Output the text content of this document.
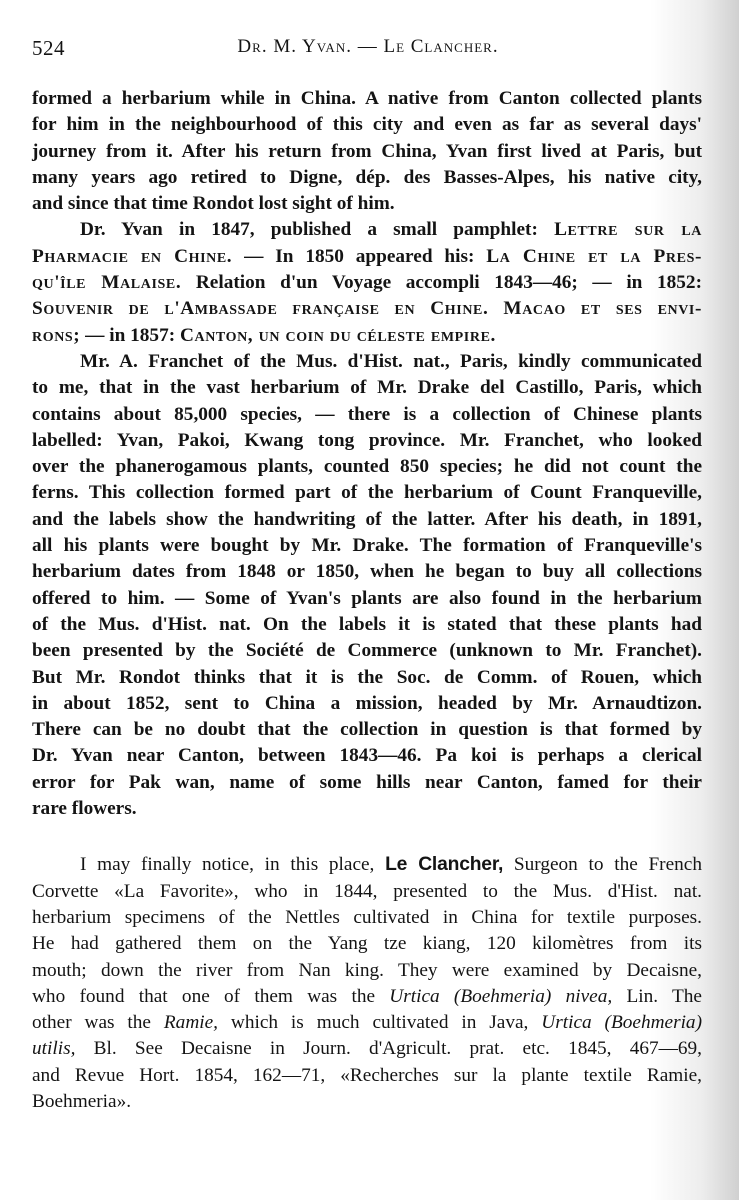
524	Dr. M. Yvan. — Le Clancher.

formed a herbarium while in China. A native from Canton collected plants
for him in the neighbourhood of this city and even as far as several days'
journey from it. After his return from China, Yvan first lived at Paris, but
many years ago retired to Digne, dép. des Basses-Alpes, his native city,
and since that time Rondot lost sight of him.

Dr. Yvan in 1847, published a small pamphlet: Lettre sur la
Pharmacie en Chine. — In 1850 appeared his: La Chine et la Pres-
qu'île Malaise. Relation d'un Voyage accompli 1843—46; — in 1852:
Souvenir de l'Ambassade française en Chine. Macao et ses envi-
rons; — in 1857: Canton, un coin du céleste empire.

Mr. A. Franchet of the Mus. d'Hist. nat., Paris, kindly communicated
to me, that in the vast herbarium of Mr. Drake del Castillo, Paris, which
contains about 85,000 species, — there is a collection of Chinese plants
labelled: Yvan, Pakoi, Kwang tong province. Mr. Franchet, who looked
over the phanerogamous plants, counted 850 species; he did not count the
ferns. This collection formed part of the herbarium of Count Franqueville,
and the labels show the handwriting of the latter. After his death, in 1891,
all his plants were bought by Mr. Drake. The formation of Franqueville's
herbarium dates from 1848 or 1850, when he began to buy all collections
offered to him. — Some of Yvan's plants are also found in the herbarium
of the Mus. d'Hist. nat. On the labels it is stated that these plants had
been presented by the Société de Commerce (unknown to Mr. Franchet).
But Mr. Rondot thinks that it is the Soc. de Comm. of Rouen, which
in about 1852, sent to China a mission, headed by Mr. Arnaudtizon.
There can be no doubt that the collection in question is that formed by
Dr. Yvan near Canton, between 1843—46. Pa koi is perhaps a clerical
error for Pak wan, name of some hills near Canton, famed for their
rare flowers.

I may finally notice, in this place, Le Clancher, Surgeon to the French
Corvette «La Favorite», who in 1844, presented to the Mus. d'Hist. nat.
herbarium specimens of the Nettles cultivated in China for textile purposes.
He had gathered them on the Yang tze kiang, 120 kilomètres from its
mouth; down the river from Nan king. They were examined by Decaisne,
who found that one of them was the Urtica (Boehmeria) nivea, Lin. The
other was the Ramie, which is much cultivated in Java, Urtica (Boehmeria)
utilis, Bl. See Decaisne in Journ. d'Agricult. prat. etc. 1845, 467—69,
and Revue Hort. 1854, 162—71, «Recherches sur la plante textile Ramie,
Boehmeria».
